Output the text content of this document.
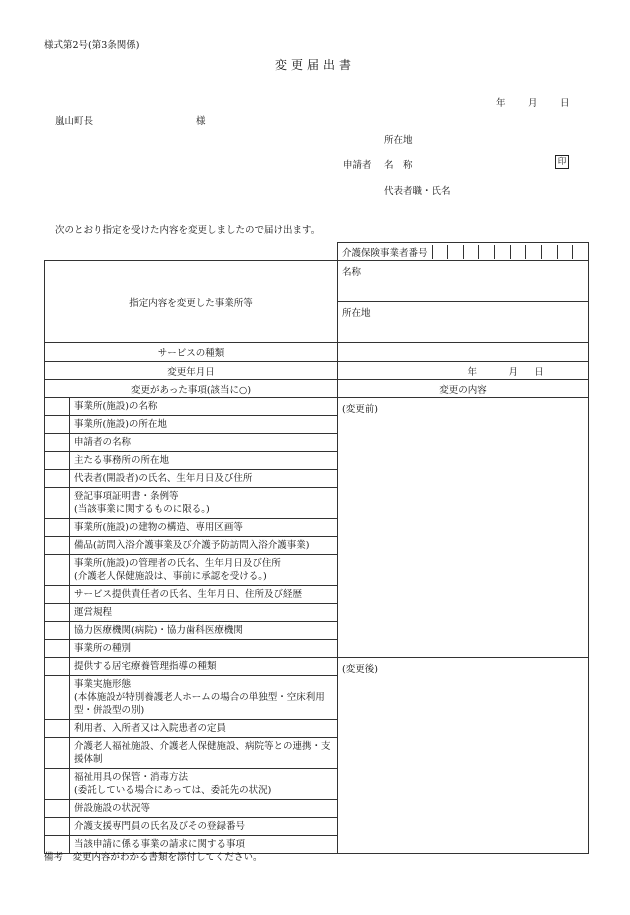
様式第2号(第3条関係)
変更届出書
年 月 日
嵐山町長	様
所在地
申請者 名　称	印
代表者職・氏名
次のとおり指定を受けた内容を変更しましたので届け出ます。

介護保険事業者番号

指定内容を変更した事業所等		名称
		所在地
サービスの種類		
変更年月日		年 月 日
変更があった事項(該当に○)		変更の内容
	事業所(施設)の名称	(変更前)
	事業所(施設)の所在地	
	申請者の名称	
	主たる事務所の所在地	
	代表者(開設者)の氏名、生年月日及び住所	
	登記事項証明書・条例等
(当該事業に関するものに限る。)	
	事業所(施設)の建物の構造、専用区画等	
	備品(訪問入浴介護事業及び介護予防訪問入浴介護事業)	
	事業所(施設)の管理者の氏名、生年月日及び住所
(介護老人保健施設は、事前に承認を受ける。)	
	サービス提供責任者の氏名、生年月日、住所及び経歴	
	運営規程	
	協力医療機関(病院)・協力歯科医療機関	
	事業所の種別	
	提供する居宅療養管理指導の種類	(変更後)
	事業実施形態
(本体施設が特別養護老人ホームの場合の単独型・空床利用型・併設型の別)	
	利用者、入所者又は入院患者の定員	
	介護老人福祉施設、介護老人保健施設、病院等との連携・支援体制	
	福祉用具の保管・消毒方法
(委託している場合にあっては、委託先の状況)	
	併設施設の状況等	
	介護支援専門員の氏名及びその登録番号	
	当該申請に係る事業の請求に関する事項	
備考　変更内容がわかる書類を添付してください。
